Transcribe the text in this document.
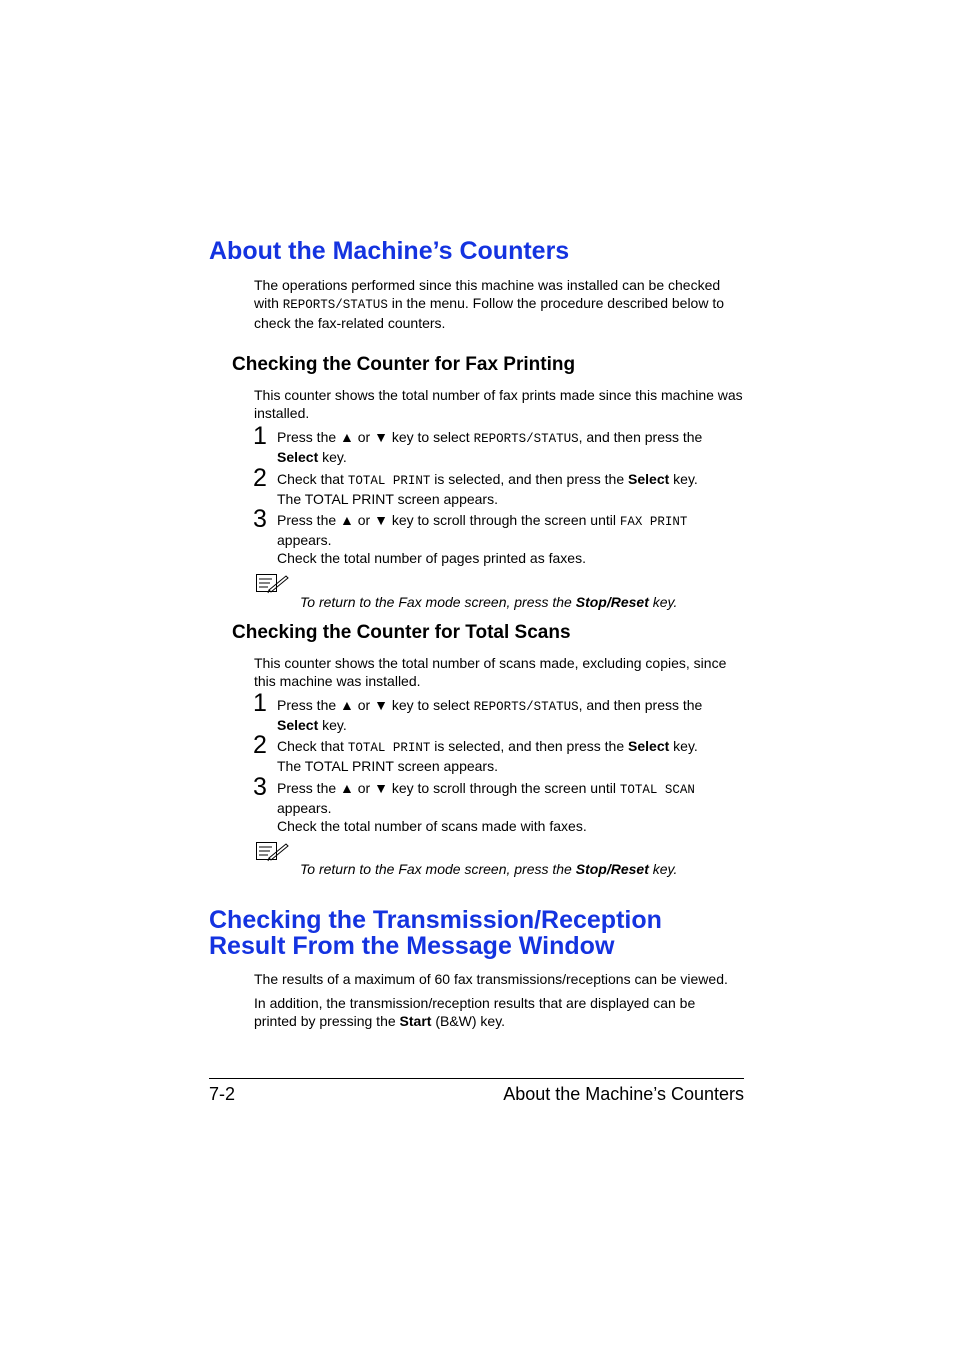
About the Machine’s Counters

The operations performed since this machine was installed can be checked with REPORTS/STATUS in the menu. Follow the procedure described below to check the fax-related counters.

Checking the Counter for Fax Printing

This counter shows the total number of fax prints made since this machine was installed.

1 Press the ▲ or ▼ key to select REPORTS/STATUS, and then press the
Select key.
2 Check that TOTAL PRINT is selected, and then press the Select key.
The TOTAL PRINT screen appears.
3 Press the ▲ or ▼ key to scroll through the screen until FAX PRINT
appears.
Check the total number of pages printed as faxes.

To return to the Fax mode screen, press the Stop/Reset key.

Checking the Counter for Total Scans

This counter shows the total number of scans made, excluding copies, since this machine was installed.

1 Press the ▲ or ▼ key to select REPORTS/STATUS, and then press the
Select key.
2 Check that TOTAL PRINT is selected, and then press the Select key.
The TOTAL PRINT screen appears.
3 Press the ▲ or ▼ key to scroll through the screen until TOTAL SCAN
appears.
Check the total number of scans made with faxes.

To return to the Fax mode screen, press the Stop/Reset key.

Checking the Transmission/Reception
Result From the Message Window

The results of a maximum of 60 fax transmissions/receptions can be viewed.

In addition, the transmission/reception results that are displayed can be printed by pressing the Start (B&W) key.

7-2	About the Machine’s Counters
